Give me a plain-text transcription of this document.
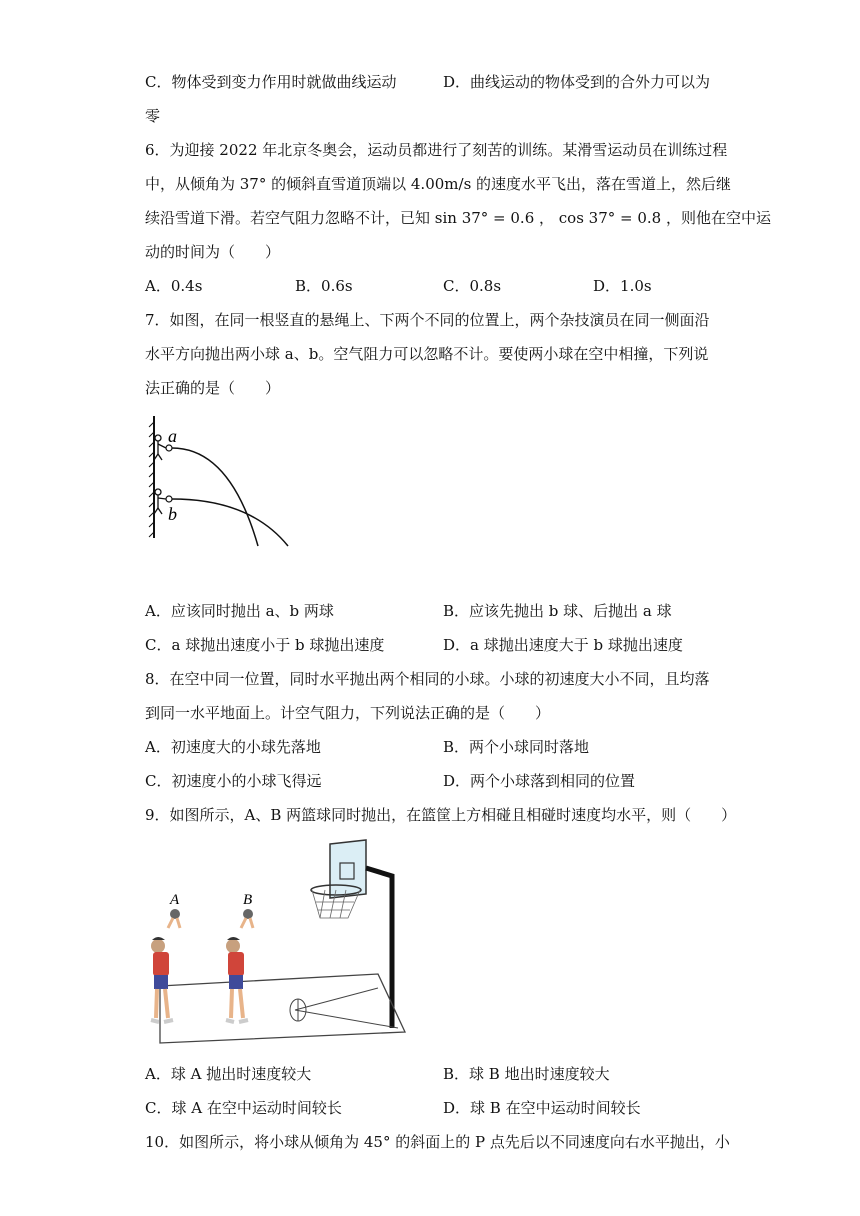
C．物体受到变力作用时就做曲线运动	D．曲线运动的物体受到的合外力可以为
零
6．为迎接 2022 年北京冬奥会，运动员都进行了刻苦的训练。某滑雪运动员在训练过程
中，从倾角为 37° 的倾斜直雪道顶端以 4.00m/s 的速度水平飞出，落在雪道上，然后继
续沿雪道下滑。若空气阻力忽略不计，已知 sin 37° = 0.6 ， cos 37° = 0.8 ，则他在空中运
动的时间为（　　）
A．0.4s	B．0.6s	C．0.8s	D．1.0s
7．如图，在同一根竖直的悬绳上、下两个不同的位置上，两个杂技演员在同一侧面沿
水平方向抛出两小球 a、b。空气阻力可以忽略不计。要使两小球在空中相撞，下列说
法正确的是（　　）
a
b
A．应该同时抛出 a、b 两球	B．应该先抛出 b 球、后抛出 a 球
C．a 球抛出速度小于 b 球抛出速度	D．a 球抛出速度大于 b 球抛出速度
8．在空中同一位置，同时水平抛出两个相同的小球。小球的初速度大小不同，且均落
到同一水平地面上。计空气阻力，下列说法正确的是（　　）
A．初速度大的小球先落地	B．两个小球同时落地
C．初速度小的小球飞得远	D．两个小球落到相同的位置
9．如图所示，A、B 两篮球同时抛出，在篮筐上方相碰且相碰时速度均水平，则（　　）
A	B
A．球 A 抛出时速度较大	B．球 B 地出时速度较大
C．球 A 在空中运动时间较长	D．球 B 在空中运动时间较长
10．如图所示，将小球从倾角为 45° 的斜面上的 P 点先后以不同速度向右水平抛出，小
